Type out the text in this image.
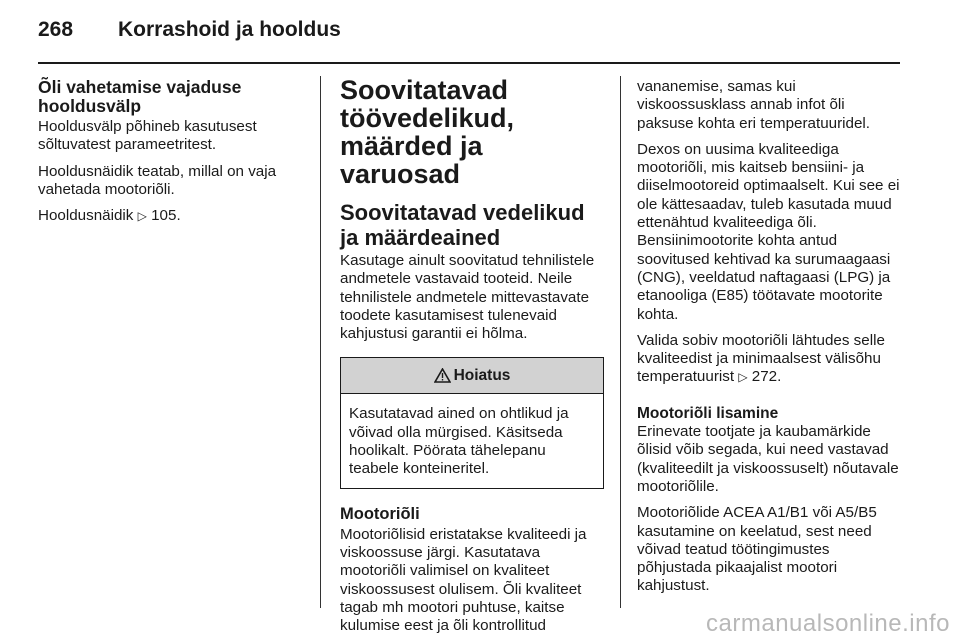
268	Korrashoid ja hooldus
Õli vahetamise vajaduse hooldusvälp

Hooldusvälp põhineb kasutusest sõltuvatest parameetritest.

Hooldusnäidik teatab, millal on vaja vahetada mootoriõli.

Hooldusnäidik ▷ 105.

Soovitatavad töövedelikud, määrded ja varuosad
Soovitatavad vedelikud ja määrdeained

Kasutage ainult soovitatud tehnilistele andmetele vastavaid tooteid. Neile tehnilistele andmetele mittevastavate toodete kasutamisest tulenevaid kahjustusi garantii ei hõlma.

Hoiatus
Kasutatavad ained on ohtlikud ja võivad olla mürgised. Käsitseda hoolikalt. Pöörata tähelepanu teabele konteineritel.
Mootoriõli

Mootoriõlisid eristatakse kvaliteedi ja viskoossuse järgi. Kasutatava mootoriõli valimisel on kvaliteet viskoossusest olulisem. Õli kvaliteet tagab mh mootori puhtuse, kaitse kulumise eest ja õli kontrollitud

vananemise, samas kui viskoossusklass annab infot õli paksuse kohta eri temperatuuridel.

Dexos on uusima kvaliteediga mootoriõli, mis kaitseb bensiini- ja diiselmootoreid optimaalselt. Kui see ei ole kättesaadav, tuleb kasutada muud ettenähtud kvaliteediga õli. Bensiinimootorite kohta antud soovitused kehtivad ka surumaagaasi (CNG), veeldatud naftagaasi (LPG) ja etanooliga (E85) töötavate mootorite kohta.

Valida sobiv mootoriõli lähtudes selle kvaliteedist ja minimaalsest välisõhu temperatuurist ▷ 272.

Mootoriõli lisamine

Erinevate tootjate ja kaubamärkide õlisid võib segada, kui need vastavad (kvaliteedilt ja viskoossuselt) nõutavale mootoriõlile.

Mootoriõlide ACEA A1/B1 või A5/B5 kasutamine on keelatud, sest need võivad teatud töötingimustes põhjustada pikaajalist mootori kahjustust.

carmanualsonline.info
